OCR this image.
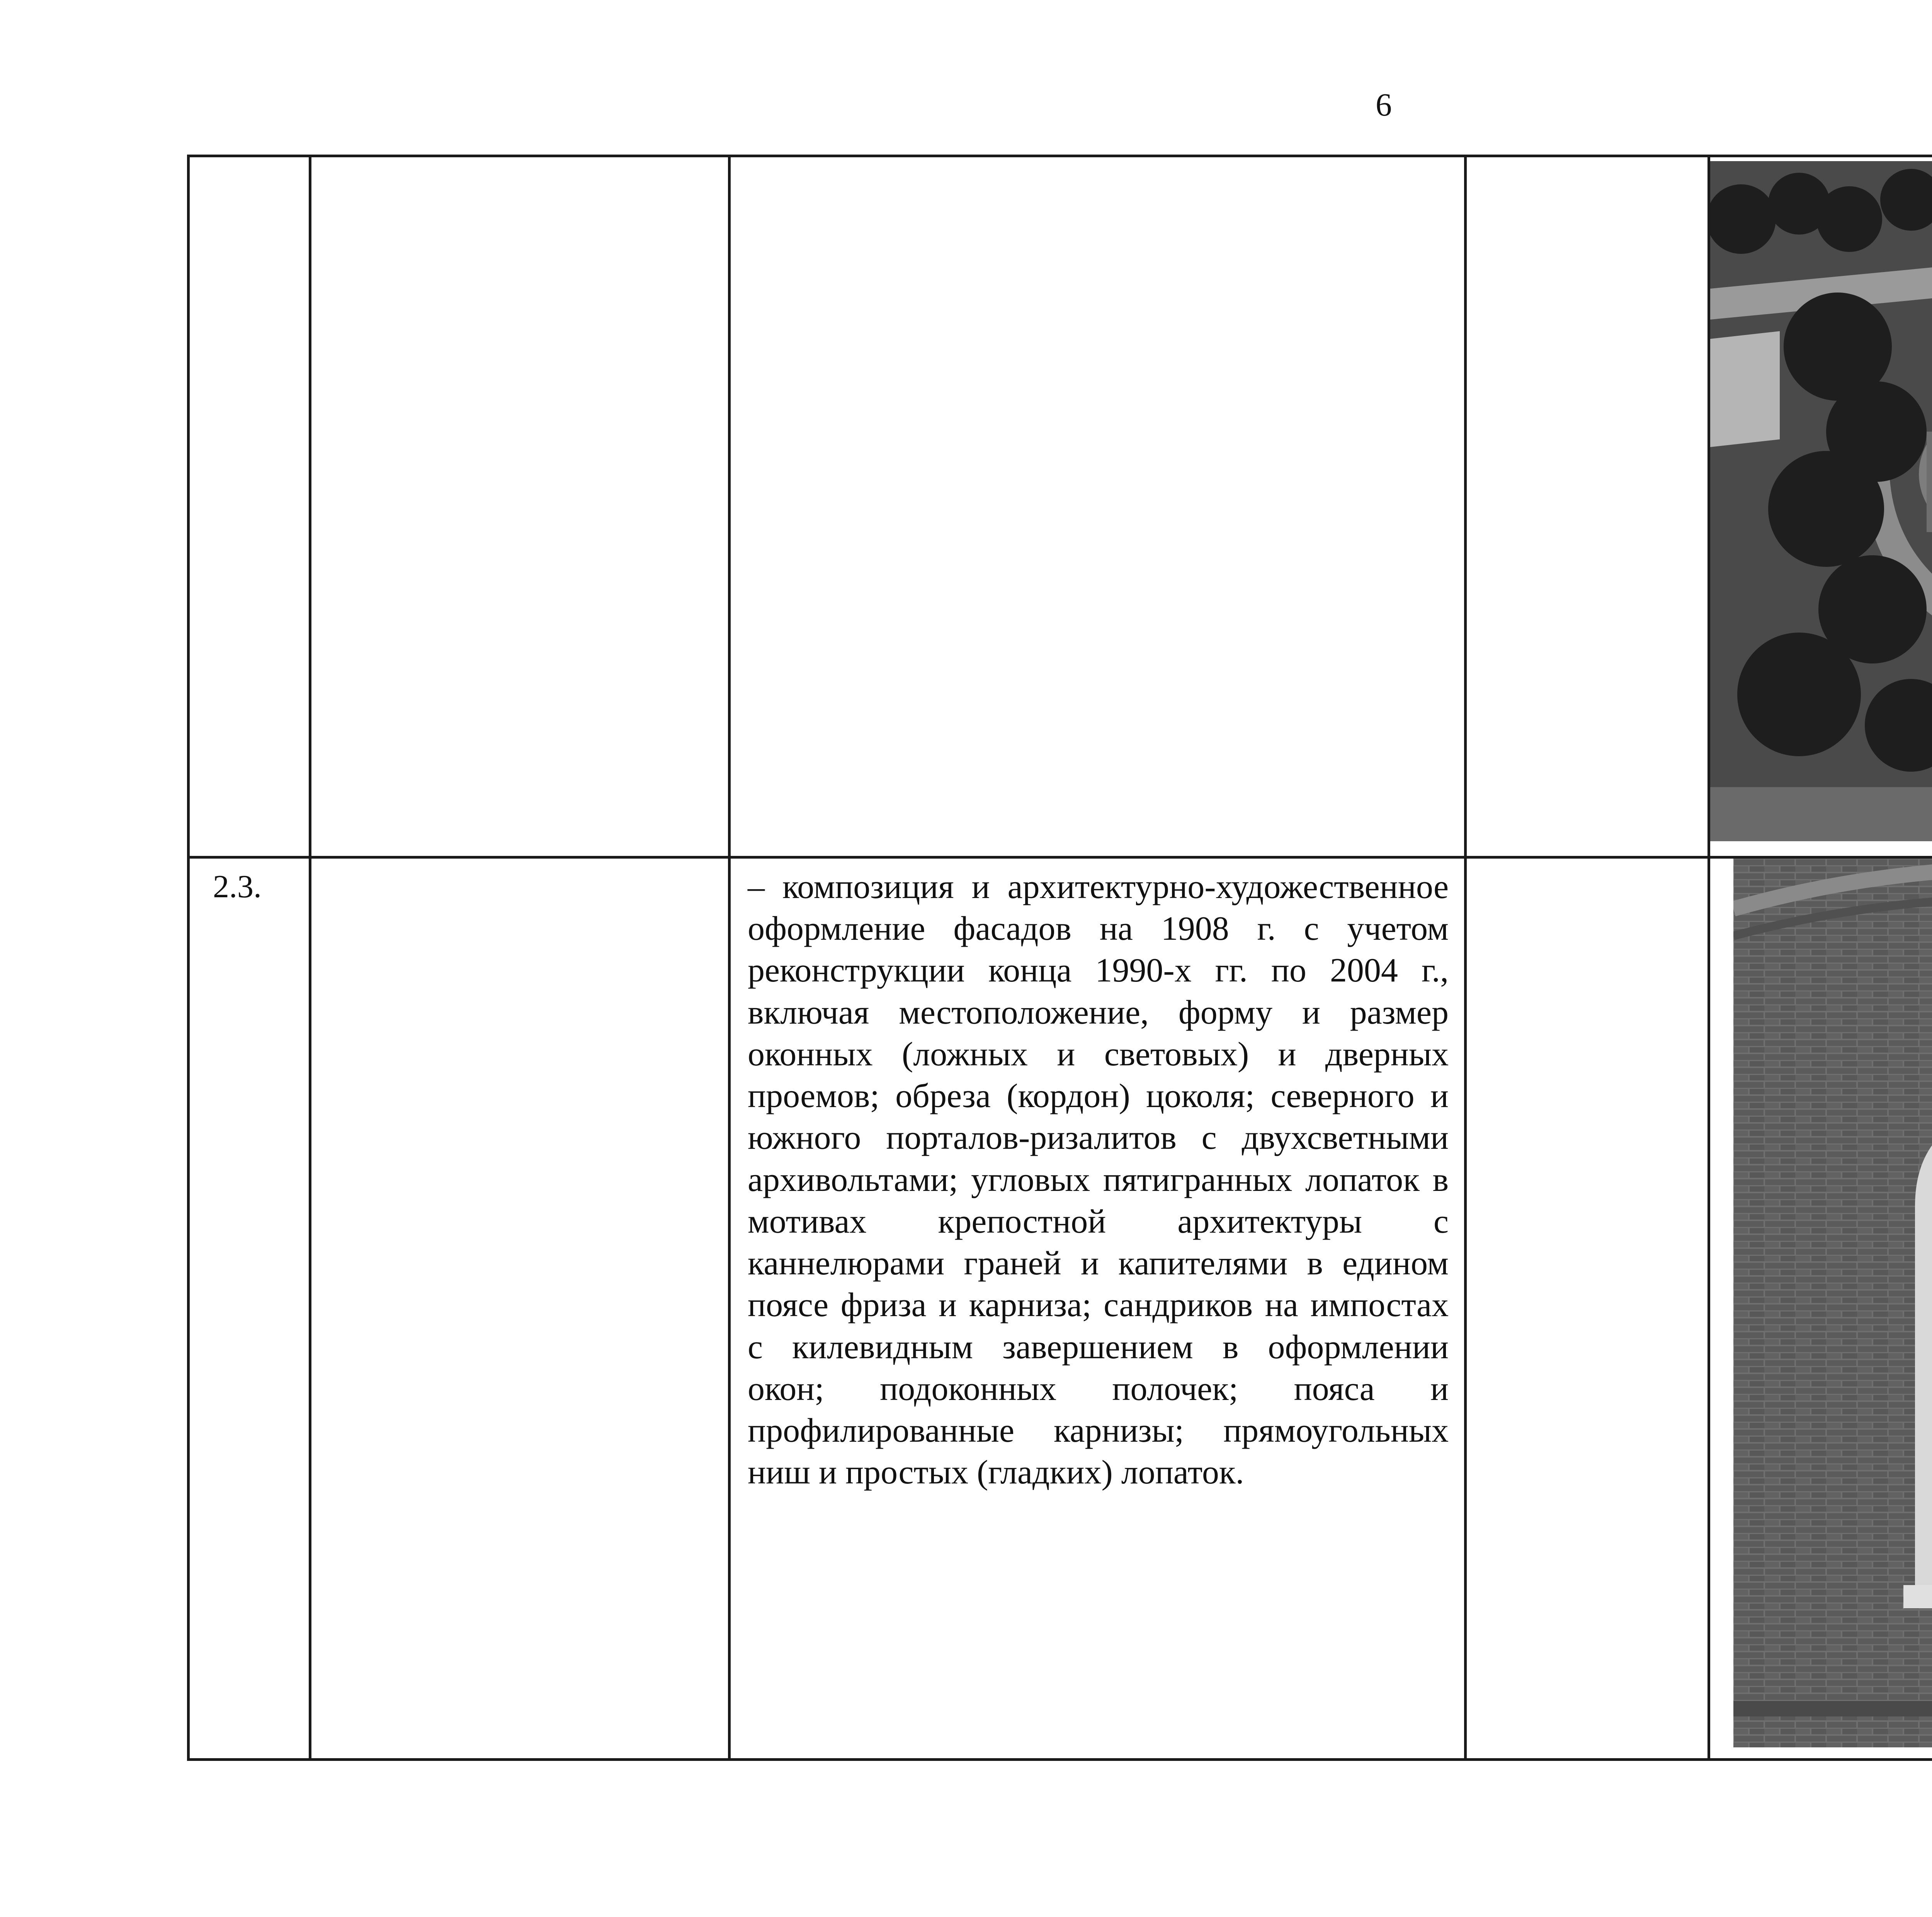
6

2.3.		– композиция и архитектурно-художественное оформление фасадов на 1908 г. с учетом реконструкции конца 1990-х гг. по 2004 г., включая местоположение, форму и размер оконных (ложных и световых) и дверных проемов; обреза (кордон) цоколя; северного и южного порталов-ризалитов с двухсветными архивольтами; угловых пятигранных лопаток в мотивах крепостной архитектуры с каннелюрами граней и капителями в едином поясе фриза и карниза; сандриков на импостах с килевидным завершением в оформлении окон; подоконных полочек; пояса и профилированные карнизы; прямоугольных ниш и простых (гладких) лопаток.		
